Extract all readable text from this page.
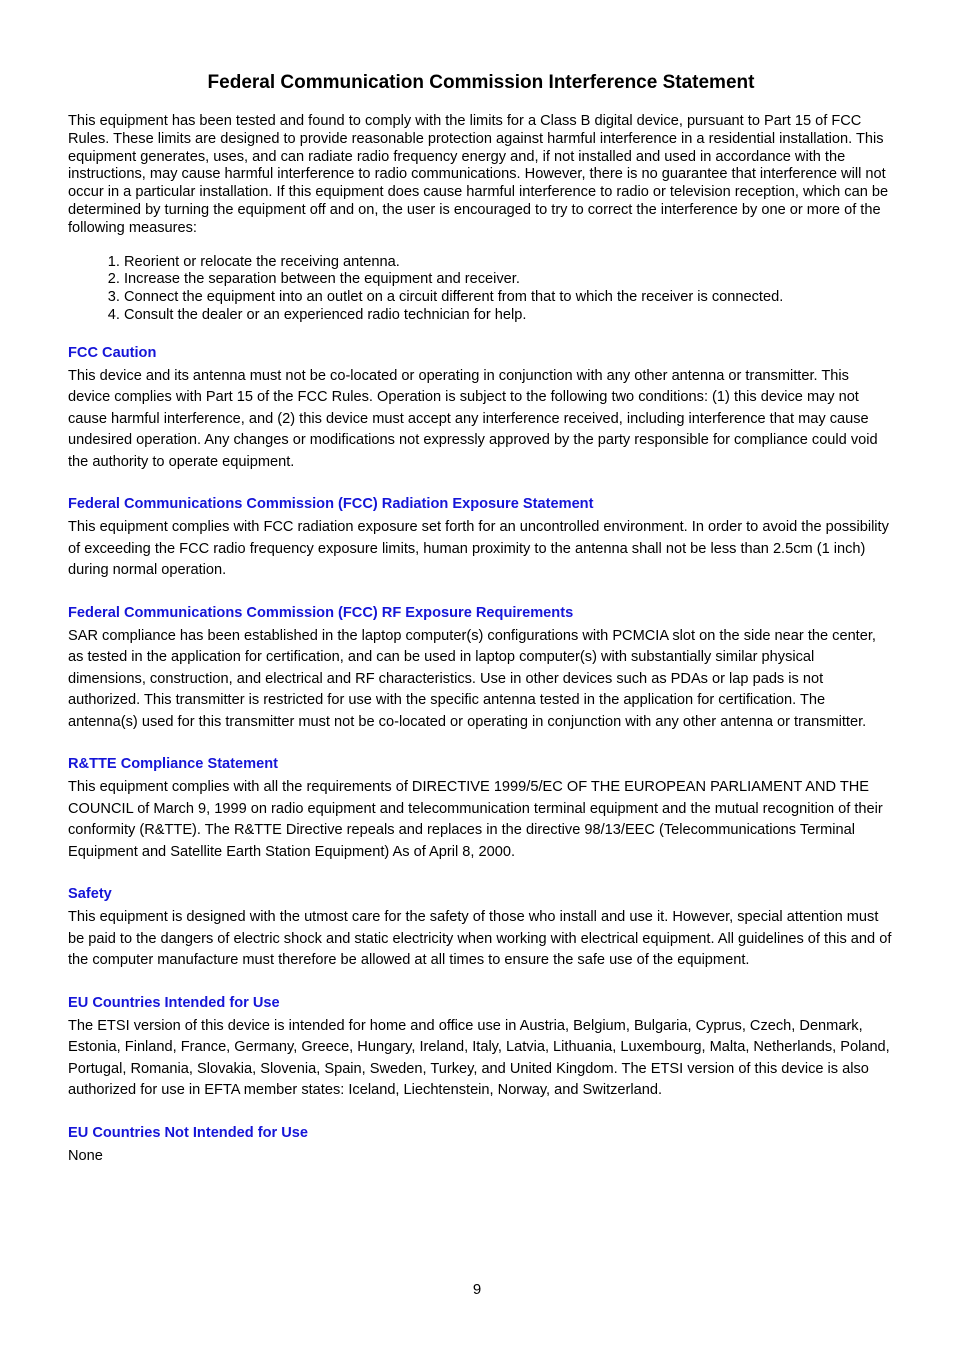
Federal Communication Commission Interference Statement

This equipment has been tested and found to comply with the limits for a Class B digital device, pursuant to Part 15 of FCC Rules. These limits are designed to provide reasonable protection against harmful interference in a residential installation. This equipment generates, uses, and can radiate radio frequency energy and, if not installed and used in accordance with the instructions, may cause harmful interference to radio communications. However, there is no guarantee that interference will not occur in a particular installation. If this equipment does cause harmful interference to radio or television reception, which can be determined by turning the equipment off and on, the user is encouraged to try to correct the interference by one or more of the following measures:

1. Reorient or relocate the receiving antenna.
2. Increase the separation between the equipment and receiver.
3. Connect the equipment into an outlet on a circuit different from that to which the receiver is connected.
4. Consult the dealer or an experienced radio technician for help.
FCC Caution

This device and its antenna must not be co-located or operating in conjunction with any other antenna or transmitter. This device complies with Part 15 of the FCC Rules. Operation is subject to the following two conditions: (1) this device may not cause harmful interference, and (2) this device must accept any interference received, including interference that may cause undesired operation. Any changes or modifications not expressly approved by the party responsible for compliance could void the authority to operate equipment.

Federal Communications Commission (FCC) Radiation Exposure Statement

This equipment complies with FCC radiation exposure set forth for an uncontrolled environment. In order to avoid the possibility of exceeding the FCC radio frequency exposure limits, human proximity to the antenna shall not be less than 2.5cm (1 inch) during normal operation.

Federal Communications Commission (FCC) RF Exposure Requirements

SAR compliance has been established in the laptop computer(s) configurations with PCMCIA slot on the side near the center, as tested in the application for certification, and can be used in laptop computer(s) with substantially similar physical dimensions, construction, and electrical and RF characteristics. Use in other devices such as PDAs or lap pads is not authorized. This transmitter is restricted for use with the specific antenna tested in the application for certification. The antenna(s) used for this transmitter must not be co-located or operating in conjunction with any other antenna or transmitter.

R&TTE Compliance Statement

This equipment complies with all the requirements of DIRECTIVE 1999/5/EC OF THE EUROPEAN PARLIAMENT AND THE COUNCIL of March 9, 1999 on radio equipment and telecommunication terminal equipment and the mutual recognition of their conformity (R&TTE). The R&TTE Directive repeals and replaces in the directive 98/13/EEC (Telecommunications Terminal Equipment and Satellite Earth Station Equipment) As of April 8, 2000.

Safety

This equipment is designed with the utmost care for the safety of those who install and use it. However, special attention must be paid to the dangers of electric shock and static electricity when working with electrical equipment. All guidelines of this and of the computer manufacture must therefore be allowed at all times to ensure the safe use of the equipment.

EU Countries Intended for Use

The ETSI version of this device is intended for home and office use in Austria, Belgium, Bulgaria, Cyprus, Czech, Denmark, Estonia, Finland, France, Germany, Greece, Hungary, Ireland, Italy, Latvia, Lithuania, Luxembourg, Malta, Netherlands, Poland, Portugal, Romania, Slovakia, Slovenia, Spain, Sweden, Turkey, and United Kingdom. The ETSI version of this device is also authorized for use in EFTA member states: Iceland, Liechtenstein, Norway, and Switzerland.

EU Countries Not Intended for Use

None

9
